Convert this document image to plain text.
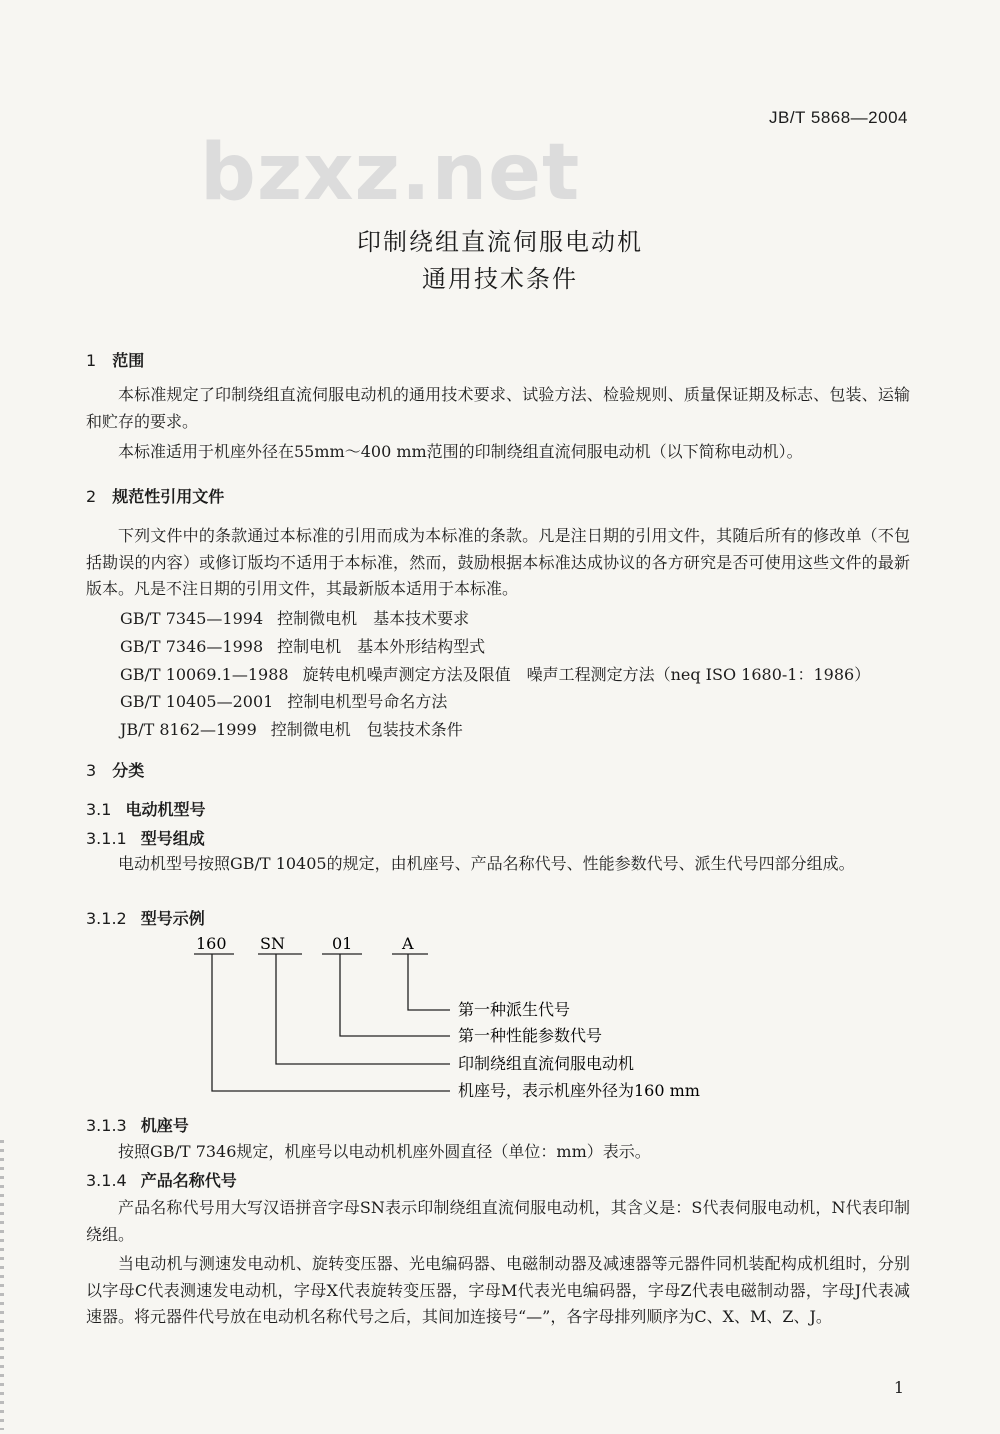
bzxz.net
JB/T 5868—2004
印制绕组直流伺服电动机
通用技术条件
1 范围
本标准规定了印制绕组直流伺服电动机的通用技术要求、试验方法、检验规则、质量保证期及标志、包装、运输和贮存的要求。
本标准适用于机座外径在55mm～400 mm范围的印制绕组直流伺服电动机（以下简称电动机）。
2 规范性引用文件
下列文件中的条款通过本标准的引用而成为本标准的条款。凡是注日期的引用文件，其随后所有的修改单（不包括勘误的内容）或修订版均不适用于本标准，然而，鼓励根据本标准达成协议的各方研究是否可使用这些文件的最新版本。凡是不注日期的引用文件，其最新版本适用于本标准。
GB/T 7345—1994 控制微电机　基本技术要求
GB/T 7346—1998 控制电机　基本外形结构型式
GB/T 10069.1—1988 旋转电机噪声测定方法及限值　噪声工程测定方法（neq ISO 1680-1：1986）
GB/T 10405—2001 控制电机型号命名方法
JB/T 8162—1999 控制微电机　包装技术条件
3 分类
3.1 电动机型号
3.1.1 型号组成
电动机型号按照GB/T 10405的规定，由机座号、产品名称代号、性能参数代号、派生代号四部分组成。
3.1.2 型号示例
160 SN	01	A
第一种派生代号
第一种性能参数代号
印制绕组直流伺服电动机
机座号，表示机座外径为160 mm
3.1.3 机座号
按照GB/T 7346规定，机座号以电动机机座外圆直径（单位：mm）表示。
3.1.4 产品名称代号
产品名称代号用大写汉语拼音字母SN表示印制绕组直流伺服电动机，其含义是：S代表伺服电动机，N代表印制绕组。
当电动机与测速发电动机、旋转变压器、光电编码器、电磁制动器及减速器等元器件同机装配构成机组时，分别以字母C代表测速发电动机，字母X代表旋转变压器，字母M代表光电编码器，字母Z代表电磁制动器，字母J代表减速器。将元器件代号放在电动机名称代号之后，其间加连接号“—”，各字母排列顺序为C、X、M、Z、J。
1
